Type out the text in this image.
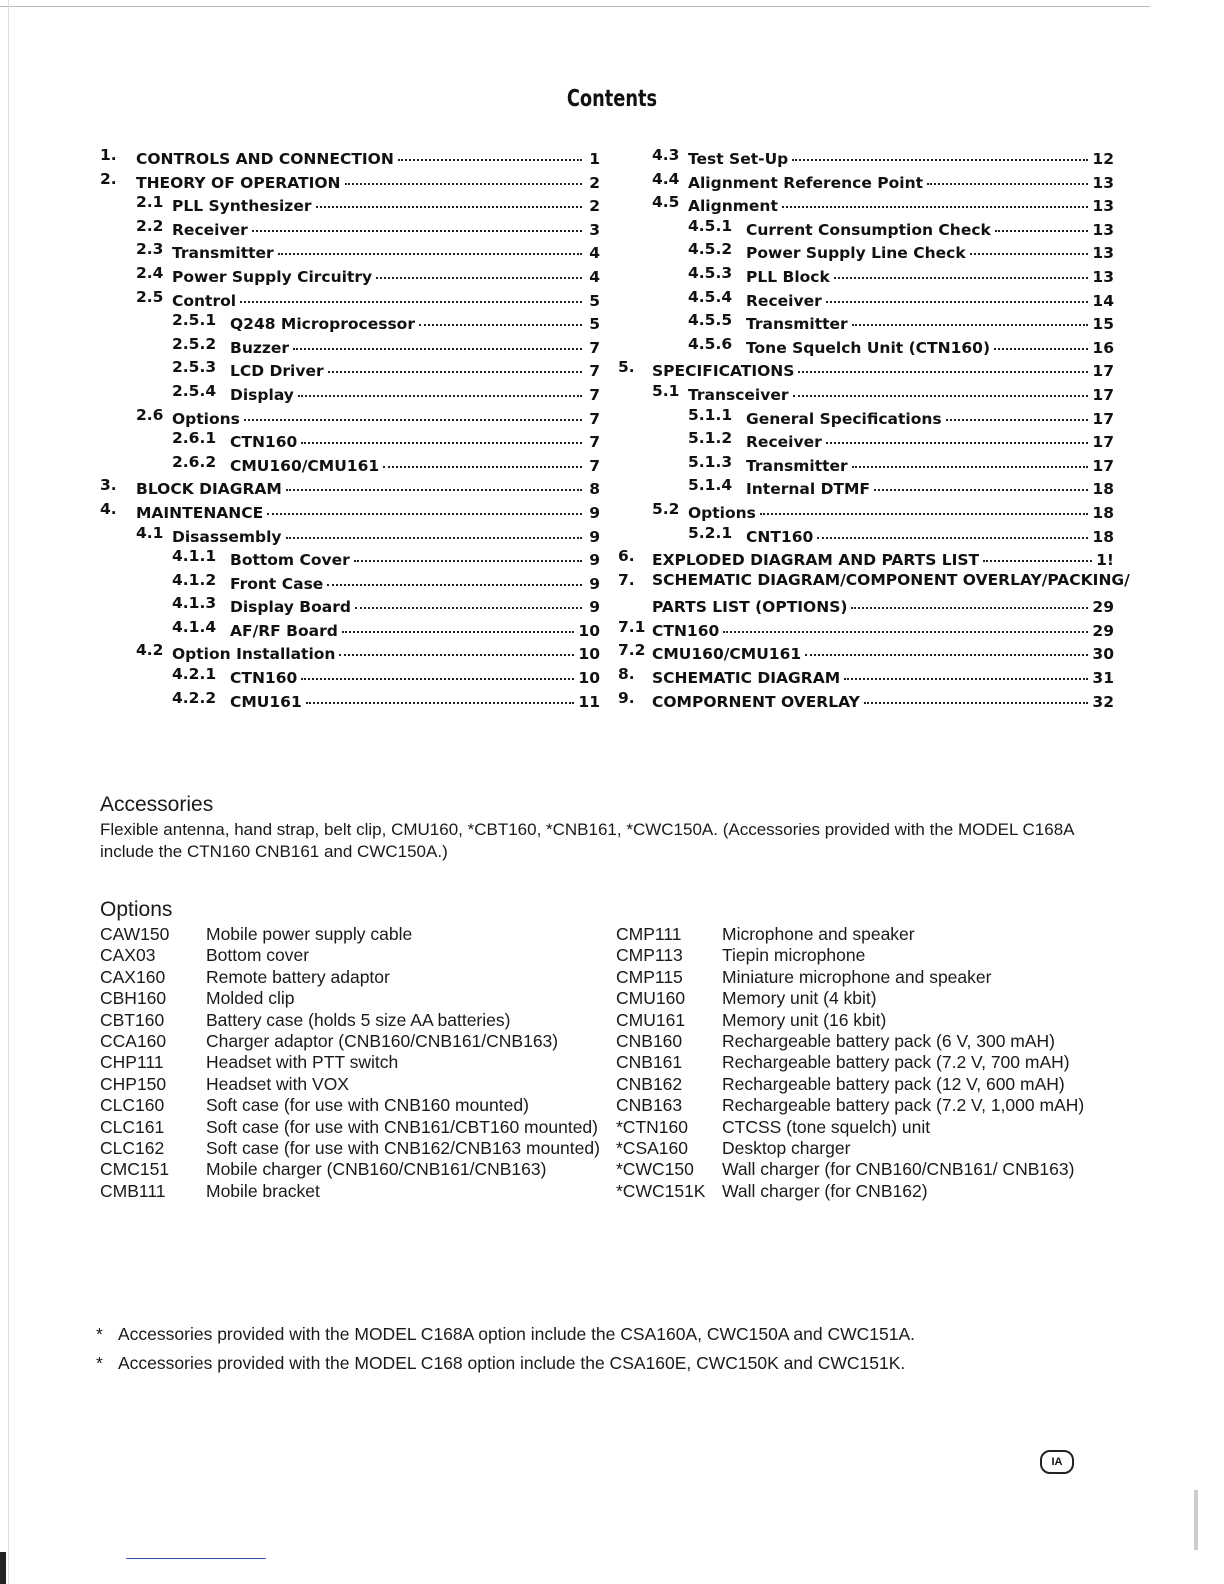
Contents
1. CONTROLS AND CONNECTION	1
2. THEORY OF OPERATION	2
2.1 PLL Synthesizer	2
2.2 Receiver	3
2.3 Transmitter	4
2.4 Power Supply Circuitry	4
2.5 Control	5
2.5.1 Q248 Microprocessor	5
2.5.2 Buzzer	7
2.5.3 LCD Driver	7
2.5.4 Display	7
2.6 Options	7
2.6.1 CTN160	7
2.6.2 CMU160/CMU161	7
3. BLOCK DIAGRAM	8
4. MAINTENANCE	9
4.1 Disassembly	9
4.1.1 Bottom Cover	9
4.1.2 Front Case	9
4.1.3 Display Board	9
4.1.4 AF/RF Board	10
4.2 Option Installation	10
4.2.1 CTN160	10
4.2.2 CMU161	11
4.3 Test Set-Up	12
4.4 Alignment Reference Point	13
4.5 Alignment	13
4.5.1 Current Consumption Check	13
4.5.2 Power Supply Line Check	13
4.5.3 PLL Block	13
4.5.4 Receiver	14
4.5.5 Transmitter	15
4.5.6 Tone Squelch Unit (CTN160)	16
5. SPECIFICATIONS	17
5.1 Transceiver	17
5.1.1 General Specifications	17
5.1.2 Receiver	17
5.1.3 Transmitter	17
5.1.4 Internal DTMF	18
5.2 Options	18
5.2.1 CNT160	18
6. EXPLODED DIAGRAM AND PARTS LIST	1!
7. SCHEMATIC DIAGRAM/COMPONENT OVERLAY/PACKING/
PARTS LIST (OPTIONS)	29
7.1 CTN160	29
7.2 CMU160/CMU161	30
8. SCHEMATIC DIAGRAM	31
9. COMPORNENT OVERLAY	32
Accessories
Flexible antenna, hand strap, belt clip, CMU160, *CBT160, *CNB161, *CWC150A. (Accessories provided with the MODEL C168A include the CTN160 CNB161 and CWC150A.)
Options
CAW150	Mobile power supply cable
CAX03	Bottom cover
CAX160	Remote battery adaptor
CBH160	Molded clip
CBT160	Battery case (holds 5 size AA batteries)
CCA160	Charger adaptor (CNB160/CNB161/CNB163)
CHP111	Headset with PTT switch
CHP150	Headset with VOX
CLC160	Soft case (for use with CNB160 mounted)
CLC161	Soft case (for use with CNB161/CBT160 mounted)
CLC162	Soft case (for use with CNB162/CNB163 mounted)
CMC151	Mobile charger (CNB160/CNB161/CNB163)
CMB111	Mobile bracket
CMP111	Microphone and speaker
CMP113	Tiepin microphone
CMP115	Miniature microphone and speaker
CMU160	Memory unit (4 kbit)
CMU161	Memory unit (16 kbit)
CNB160	Rechargeable battery pack (6 V, 300 mAH)
CNB161	Rechargeable battery pack (7.2 V, 700 mAH)
CNB162	Rechargeable battery pack (12 V, 600 mAH)
CNB163	Rechargeable battery pack (7.2 V, 1,000 mAH)
*CTN160	CTCSS (tone squelch) unit
*CSA160	Desktop charger
*CWC150	Wall charger (for CNB160/CNB161/ CNB163)
*CWC151K Wall charger (for CNB162)
* Accessories provided with the MODEL C168A option include the CSA160A, CWC150A and CWC151A.
* Accessories provided with the MODEL C168 option include the CSA160E, CWC150K and CWC151K.
IA
